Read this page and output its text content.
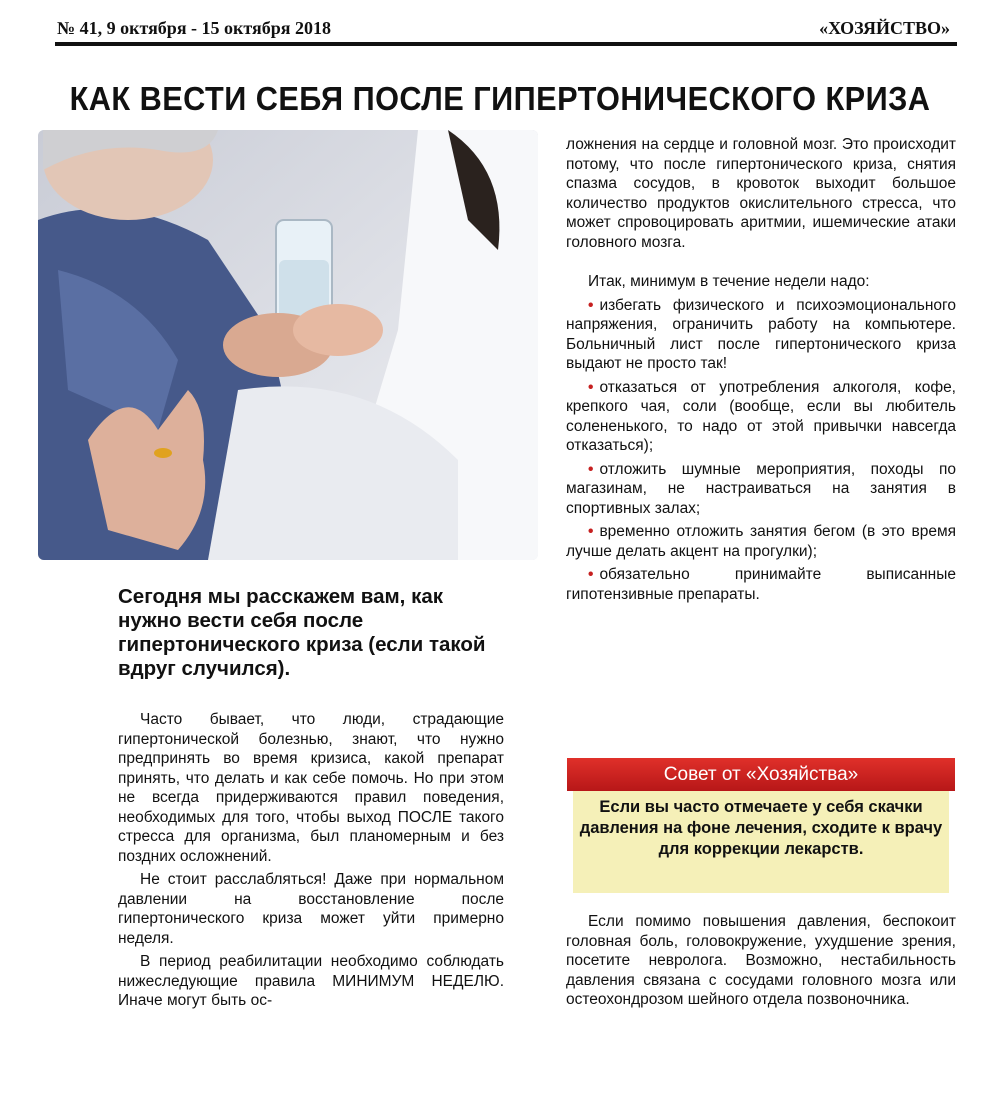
№ 41, 9 октября - 15 октября 2018	«ХОЗЯЙСТВО»
КАК ВЕСТИ СЕБЯ ПОСЛЕ ГИПЕРТОНИЧЕСКОГО КРИЗА
Сегодня мы расскажем вам, как нужно вести себя после гипертонического криза (если такой вдруг случился).

Часто бывает, что люди, страдающие гипертонической болезнью, знают, что нужно предпринять во время кризиса, какой препарат принять, что делать и как себе помочь. Но при этом не всегда придерживаются правил поведения, необходимых для того, чтобы выход ПОСЛЕ такого стресса для организма, был планомерным и без поздних осложнений.

Не стоит расслабляться! Даже при нормальном давлении на восстановление после гипертонического криза может уйти примерно неделя.

В период реабилитации необходимо соблюдать нижеследующие правила МИНИМУМ НЕДЕЛЮ. Иначе могут быть ос-

ложнения на сердце и головной мозг. Это происходит потому, что после гипертонического криза, снятия спазма сосудов, в кровоток выходит большое количество продуктов окислительного стресса, что может спровоцировать аритмии, ишемические атаки головного мозга.

Итак, минимум в течение недели надо:

• избегать физического и психоэмоционального напряжения, ограничить работу на компьютере. Больничный лист после гипертонического криза выдают не просто так!
• отказаться от употребления алкоголя, кофе, крепкого чая, соли (вообще, если вы любитель солененького, то надо от этой привычки навсегда отказаться);
• отложить шумные мероприятия, походы по магазинам, не настраиваться на занятия в спортивных залах;
• временно отложить занятия бегом (в это время лучше делать акцент на прогулки);
• обязательно принимайте выписанные гипотензивные препараты.
Совет от «Хозяйства»
Если вы часто отмечаете у себя скачки давления на фоне лечения, сходите к врачу для коррекции лекарств.

Если помимо повышения давления, беспокоит головная боль, головокружение, ухудшение зрения, посетите невролога. Возможно, нестабильность давления связана с сосудами головного мозга или остеохондрозом шейного отдела позвоночника.
